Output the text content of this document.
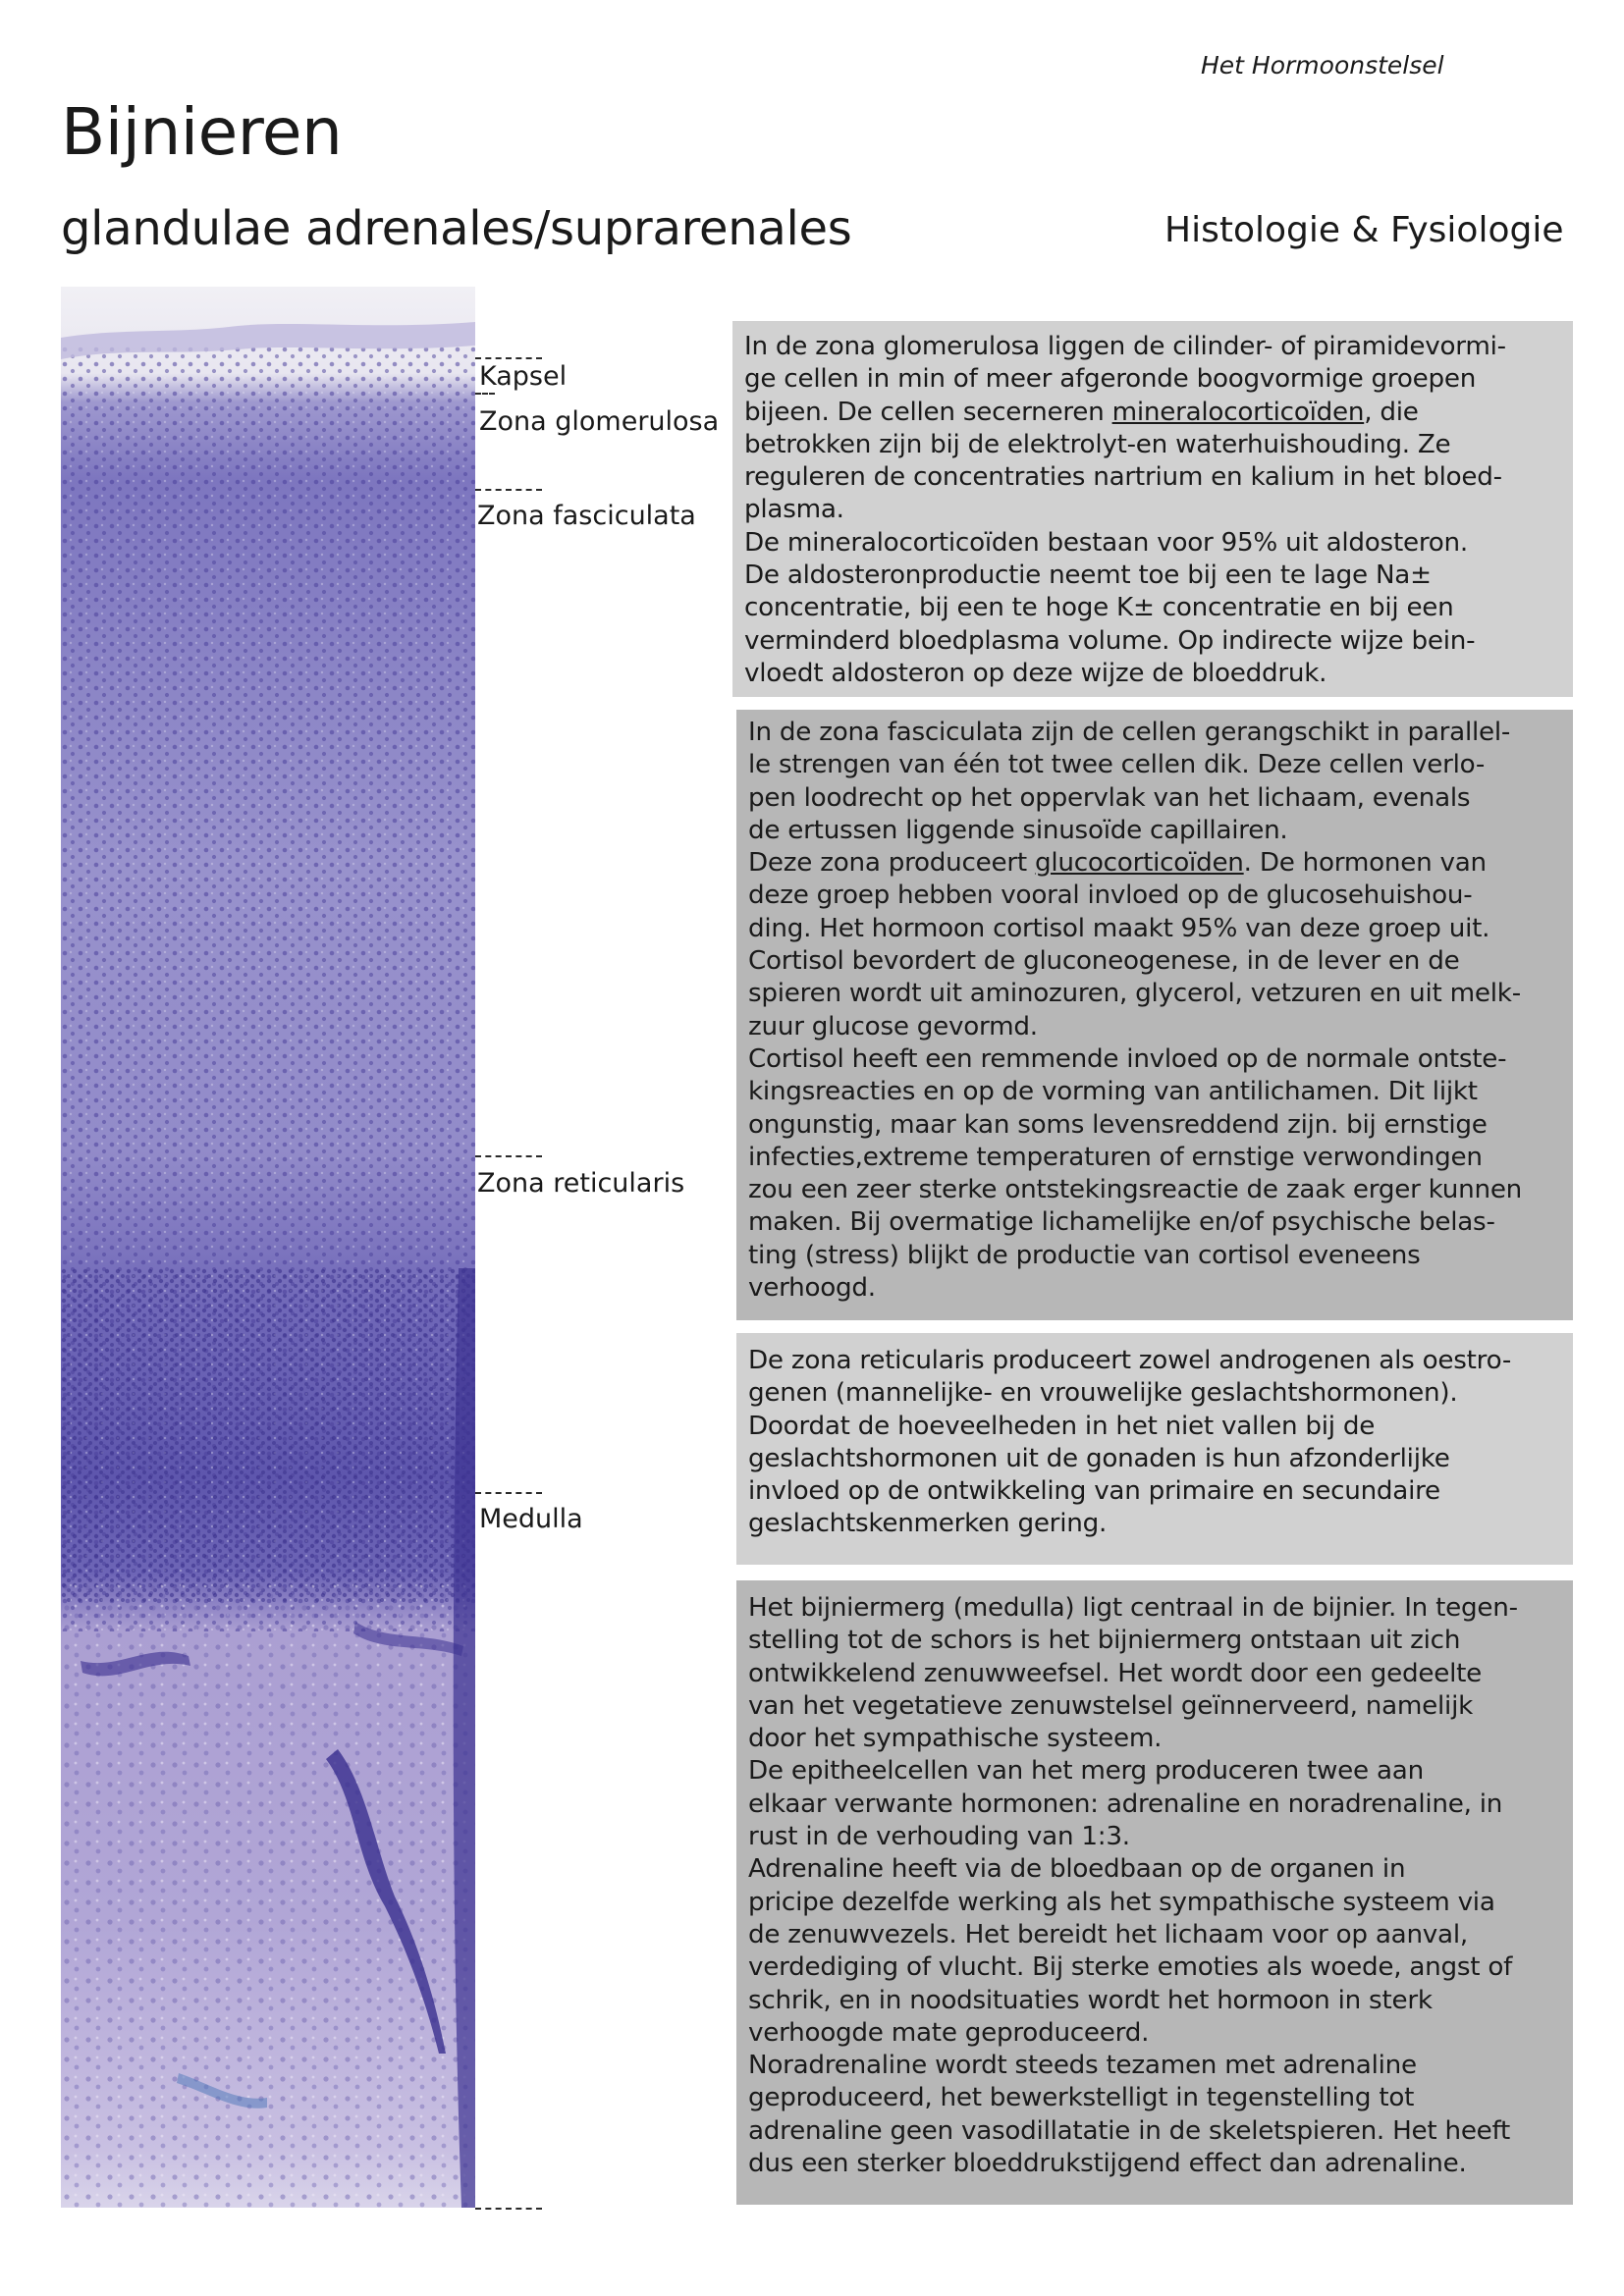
Het Hormoonstelsel
Bijnieren
glandulae adrenales/suprarenales	Histologie & Fysiologie
Kapsel
Zona glomerulosa
Zona fasciculata
Zona reticularis
Medulla

In de zona glomerulosa liggen de cilinder- of piramidevormi-

ge cellen in min of meer afgeronde boogvormige groepen

bijeen. De cellen secerneren mineralocorticoïden, die

betrokken zijn bij de elektrolyt-en waterhuishouding. Ze

reguleren de concentraties nartrium en kalium in het bloed-

plasma.

De mineralocorticoïden bestaan voor 95% uit aldosteron.

De aldosteronproductie neemt toe bij een te lage Na±

concentratie, bij een te hoge K± concentratie en bij een

verminderd bloedplasma volume. Op indirecte wijze bein-

vloedt aldosteron op deze wijze de bloeddruk.

In de zona fasciculata zijn de cellen gerangschikt in parallel-

le strengen van één tot twee cellen dik. Deze cellen verlo-

pen loodrecht op het oppervlak van het lichaam, evenals

de ertussen liggende sinusoïde capillairen.

Deze zona produceert glucocorticoïden. De hormonen van

deze groep hebben vooral invloed op de glucosehuishou-

ding. Het hormoon cortisol maakt 95% van deze groep uit.

Cortisol bevordert de gluconeogenese, in de lever en de

spieren wordt uit aminozuren, glycerol, vetzuren en uit melk-

zuur glucose gevormd.

Cortisol heeft een remmende invloed op de normale ontste-

kingsreacties en op de vorming van antilichamen. Dit lijkt

ongunstig, maar kan soms levensreddend zijn. bij ernstige

infecties,extreme temperaturen of ernstige verwondingen

zou een zeer sterke ontstekingsreactie de zaak erger kunnen

maken. Bij overmatige lichamelijke en/of psychische belas-

ting (stress) blijkt de productie van cortisol eveneens

verhoogd.

De zona reticularis produceert zowel androgenen als oestro-

genen (mannelijke- en vrouwelijke geslachtshormonen).

Doordat de hoeveelheden in het niet vallen bij de

geslachtshormonen uit de gonaden is hun afzonderlijke

invloed op de ontwikkeling van primaire en secundaire

geslachtskenmerken gering.

Het bijniermerg (medulla) ligt centraal in de bijnier. In tegen-

stelling tot de schors is het bijniermerg ontstaan uit zich

ontwikkelend zenuwweefsel. Het wordt door een gedeelte

van het vegetatieve zenuwstelsel geïnnerveerd, namelijk

door het sympathische systeem.

De epitheelcellen van het merg produceren twee aan

elkaar verwante hormonen: adrenaline en noradrenaline, in

rust in de verhouding van 1:3.

Adrenaline heeft via de bloedbaan op de organen in

pricipe dezelfde werking als het sympathische systeem via

de zenuwvezels. Het bereidt het lichaam voor op aanval,

verdediging of vlucht. Bij sterke emoties als woede, angst of

schrik, en in noodsituaties wordt het hormoon in sterk

verhoogde mate geproduceerd.

Noradrenaline wordt steeds tezamen met adrenaline

geproduceerd, het bewerkstelligt in tegenstelling tot

adrenaline geen vasodillatatie in de skeletspieren. Het heeft

dus een sterker bloeddrukstijgend effect dan adrenaline.
